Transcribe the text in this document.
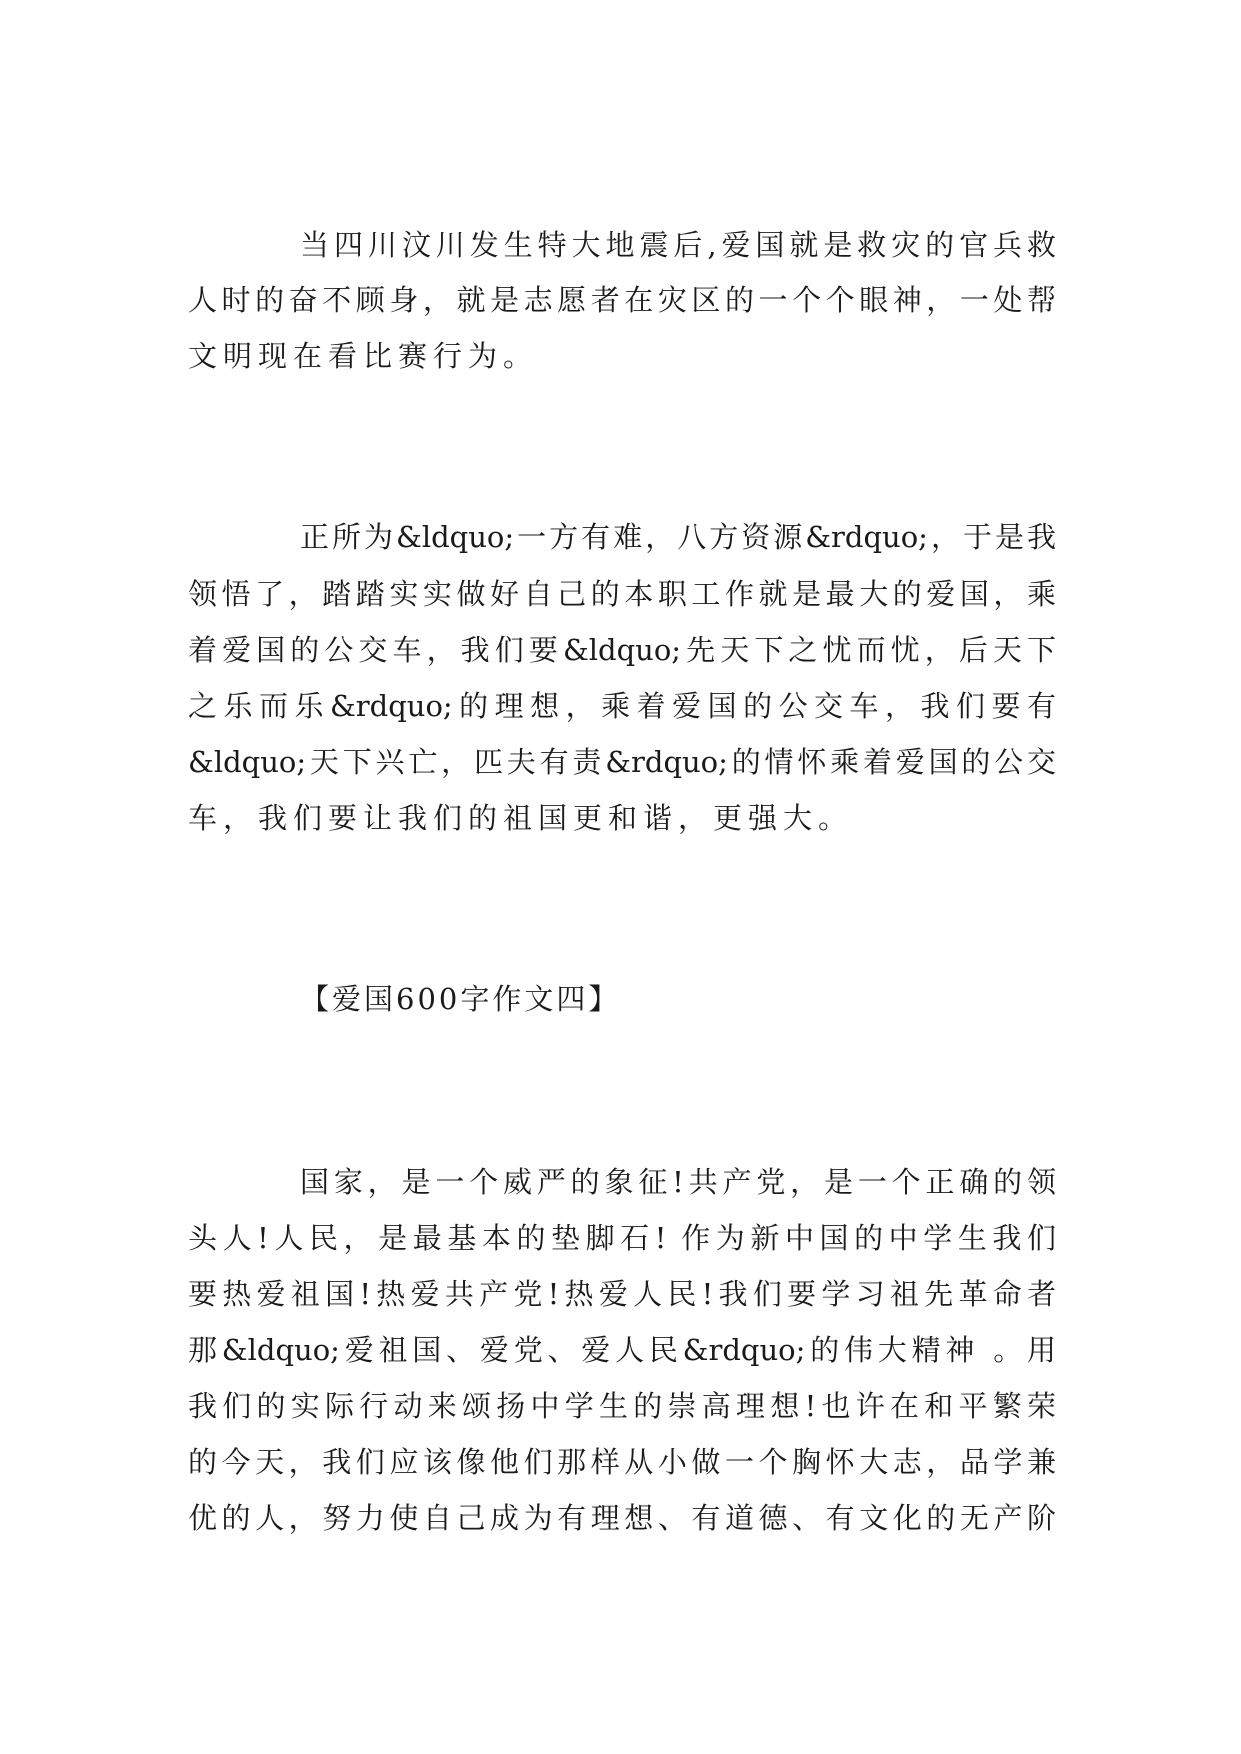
当四川汶川发生特大地震后,爱国就是救灾的官兵救
人时的奋不顾身，就是志愿者在灾区的一个个眼神，一处帮
文明现在看比赛行为。
正所为&ldquo;一方有难，八方资源&rdquo;，于是我
领悟了，踏踏实实做好自己的本职工作就是最大的爱国，乘
着爱国的公交车，我们要&ldquo;先天下之忧而忧，后天下
之乐而乐&rdquo;的理想，乘着爱国的公交车，我们要有
&ldquo;天下兴亡，匹夫有责&rdquo;的情怀乘着爱国的公交
车，我们要让我们的祖国更和谐，更强大。
【爱国600字作文四】
国家，是一个威严的象征!共产党，是一个正确的领
头人!人民，是最基本的垫脚石! 作为新中国的中学生我们
要热爱祖国!热爱共产党!热爱人民!我们要学习祖先革命者
那&ldquo;爱祖国、爱党、爱人民&rdquo;的伟大精神 。用
我们的实际行动来颂扬中学生的崇高理想!也许在和平繁荣
的今天，我们应该像他们那样从小做一个胸怀大志，品学兼
优的人，努力使自己成为有理想、有道德、有文化的无产阶
